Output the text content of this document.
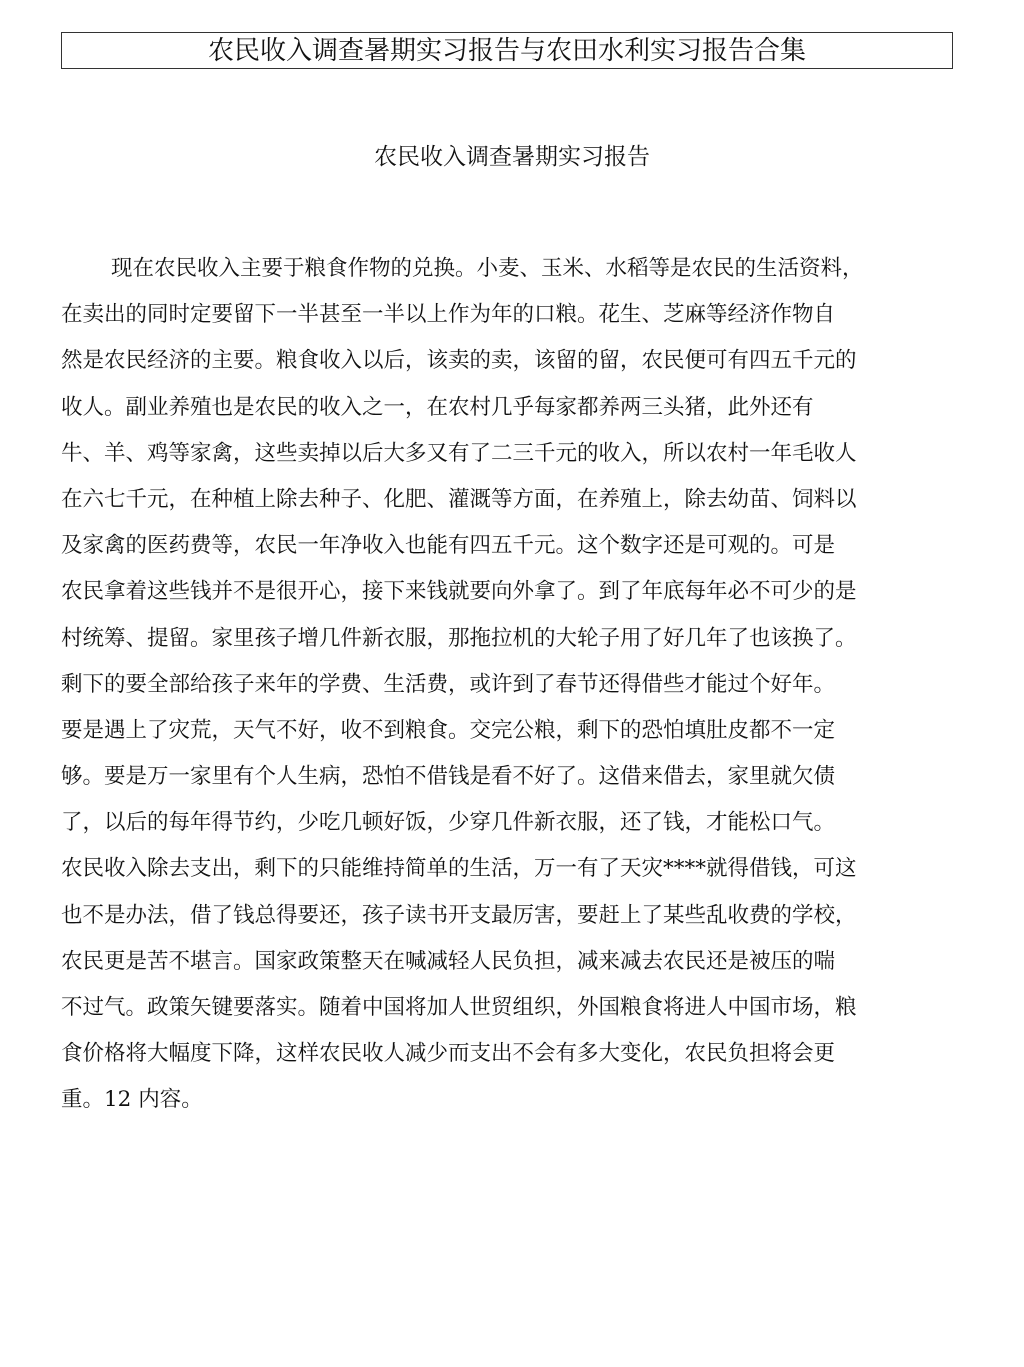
农民收入调查暑期实习报告与农田水利实习报告合集
农民收入调查暑期实习报告
现在农民收入主要于粮食作物的兑换。小麦、玉米、水稻等是农民的生活资料，
在卖出的同时定要留下一半甚至一半以上作为年的口粮。花生、芝麻等经济作物自
然是农民经济的主要。粮食收入以后，该卖的卖，该留的留，农民便可有四五千元的
收人。副业养殖也是农民的收入之一，在农村几乎每家都养两三头猪，此外还有
牛、羊、鸡等家禽，这些卖掉以后大多又有了二三千元的收入，所以农村一年毛收人
在六七千元，在种植上除去种子、化肥、灌溉等方面，在养殖上，除去幼苗、饲料以
及家禽的医药费等，农民一年净收入也能有四五千元。这个数字还是可观的。可是
农民拿着这些钱并不是很开心，接下来钱就要向外拿了。到了年底每年必不可少的是
村统筹、提留。家里孩子增几件新衣服，那拖拉机的大轮子用了好几年了也该换了。
剩下的要全部给孩子来年的学费、生活费，或许到了春节还得借些才能过个好年。
要是遇上了灾荒，天气不好，收不到粮食。交完公粮，剩下的恐怕填肚皮都不一定
够。要是万一家里有个人生病，恐怕不借钱是看不好了。这借来借去，家里就欠债
了，以后的每年得节约，少吃几顿好饭，少穿几件新衣服，还了钱，才能松口气。
农民收入除去支出，剩下的只能维持简单的生活，万一有了天灾****就得借钱，可这
也不是办法，借了钱总得要还，孩子读书开支最厉害，要赶上了某些乱收费的学校，
农民更是苦不堪言。国家政策整天在喊减轻人民负担，减来减去农民还是被压的喘
不过气。政策矢键要落实。随着中国将加人世贸组织，外国粮食将进人中国市场，粮
食价格将大幅度下降，这样农民收人减少而支出不会有多大变化，农民负担将会更
重。12 内容。
